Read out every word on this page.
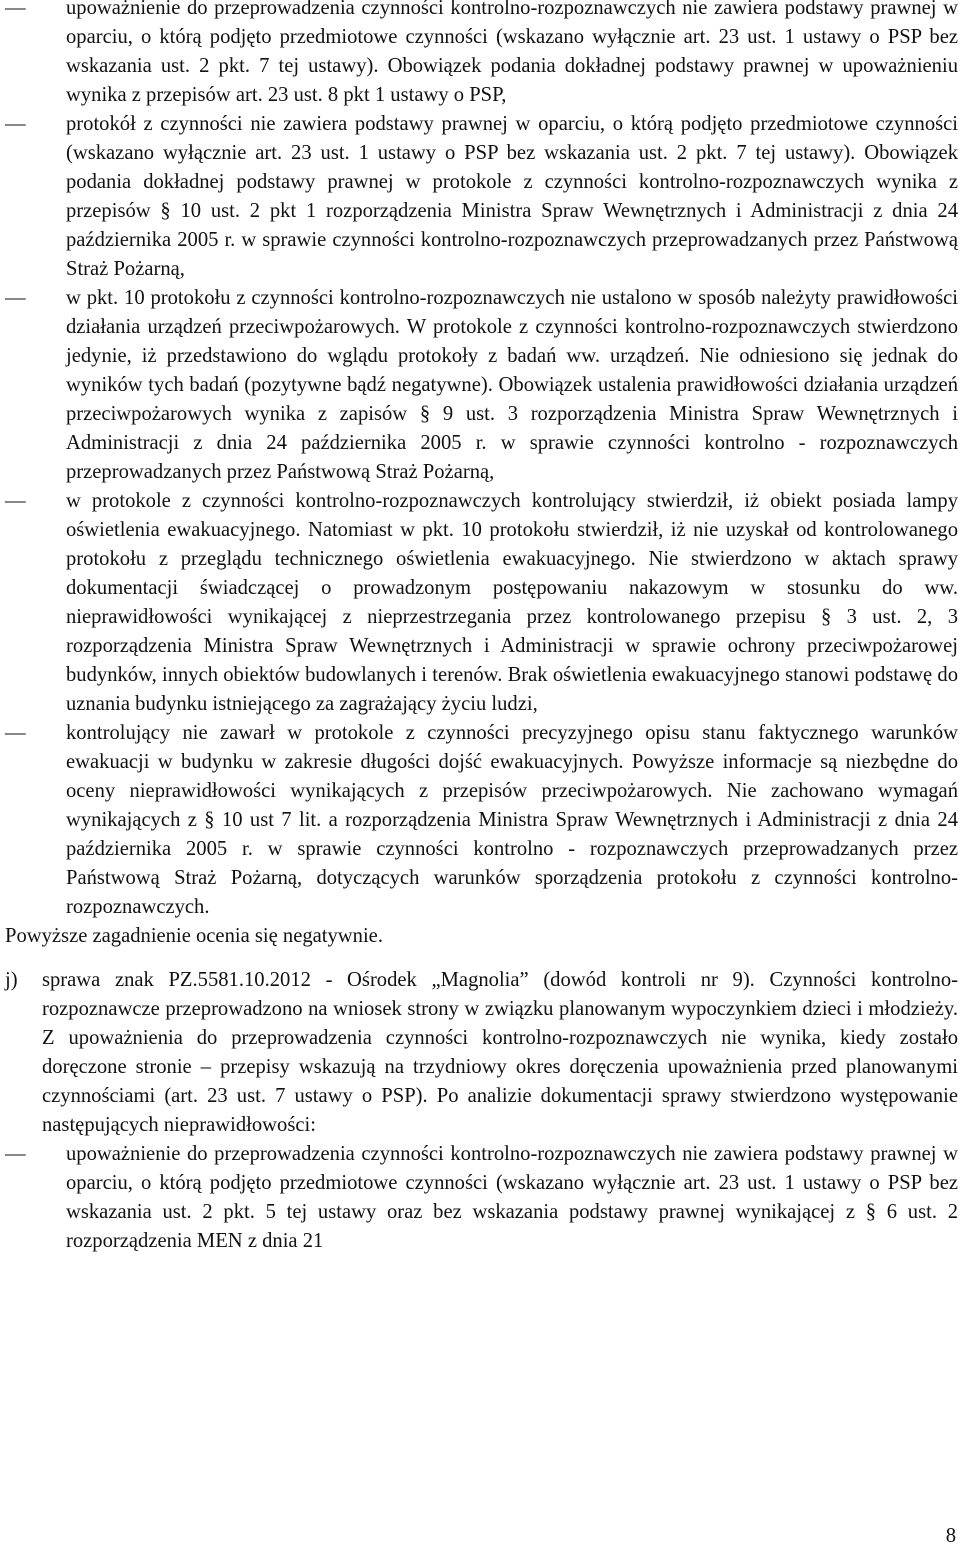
—
upoważnienie do przeprowadzenia czynności kontrolno-rozpoznawczych nie zawiera podstawy prawnej w oparciu, o którą podjęto przedmiotowe czynności (wskazano wyłącznie art. 23 ust. 1 ustawy o PSP bez wskazania ust. 2 pkt. 7 tej ustawy). Obowiązek podania dokładnej podstawy prawnej w upoważnieniu wynika z przepisów art. 23 ust. 8 pkt 1 ustawy o PSP,
—
protokół z czynności nie zawiera podstawy prawnej w oparciu, o którą podjęto przedmiotowe czynności (wskazano wyłącznie art. 23 ust. 1 ustawy o PSP bez wskazania ust. 2 pkt. 7 tej ustawy). Obowiązek podania dokładnej podstawy prawnej w protokole z czynności kontrolno-rozpoznawczych wynika z przepisów § 10 ust. 2 pkt 1 rozporządzenia Ministra Spraw Wewnętrznych i Administracji z dnia 24 października 2005 r. w sprawie czynności kontrolno-rozpoznawczych przeprowadzanych przez Państwową Straż Pożarną,
—
w pkt. 10 protokołu z czynności kontrolno-rozpoznawczych nie ustalono w sposób należyty prawidłowości działania urządzeń przeciwpożarowych. W protokole z czynności kontrolno-rozpoznawczych stwierdzono jedynie, iż przedstawiono do wglądu protokoły z badań ww. urządzeń. Nie odniesiono się jednak do wyników tych badań (pozytywne bądź negatywne). Obowiązek ustalenia prawidłowości działania urządzeń przeciwpożarowych wynika z zapisów § 9 ust. 3 rozporządzenia Ministra Spraw Wewnętrznych i Administracji z dnia 24 października 2005 r. w sprawie czynności kontrolno - rozpoznawczych przeprowadzanych przez Państwową Straż Pożarną,
—
w protokole z czynności kontrolno-rozpoznawczych kontrolujący stwierdził, iż obiekt posiada lampy oświetlenia ewakuacyjnego. Natomiast w pkt. 10 protokołu stwierdził, iż nie uzyskał od kontrolowanego protokołu z przeglądu technicznego oświetlenia ewakuacyjnego. Nie stwierdzono w aktach sprawy dokumentacji świadczącej o prowadzonym postępowaniu nakazowym w stosunku do ww. nieprawidłowości wynikającej z nieprzestrzegania przez kontrolowanego przepisu § 3 ust. 2, 3 rozporządzenia Ministra Spraw Wewnętrznych i Administracji w sprawie ochrony przeciwpożarowej budynków, innych obiektów budowlanych i terenów. Brak oświetlenia ewakuacyjnego stanowi podstawę do uznania budynku istniejącego za zagrażający życiu ludzi,
—
kontrolujący nie zawarł w protokole z czynności precyzyjnego opisu stanu faktycznego warunków ewakuacji w budynku w zakresie długości dojść ewakuacyjnych. Powyższe informacje są niezbędne do oceny nieprawidłowości wynikających z przepisów przeciwpożarowych. Nie zachowano wymagań wynikających z § 10 ust 7 lit. a rozporządzenia Ministra Spraw Wewnętrznych i Administracji z dnia 24 października 2005 r. w sprawie czynności kontrolno - rozpoznawczych przeprowadzanych przez Państwową Straż Pożarną, dotyczących warunków sporządzenia protokołu z czynności kontrolno-rozpoznawczych.

Powyższe zagadnienie ocenia się negatywnie.

j) sprawa znak PZ.5581.10.2012 - Ośrodek „Magnolia” (dowód kontroli nr 9). Czynności kontrolno-rozpoznawcze przeprowadzono na wniosek strony w związku planowanym wypoczynkiem dzieci i młodzieży. Z upoważnienia do przeprowadzenia czynności kontrolno-rozpoznawczych nie wynika, kiedy zostało doręczone stronie – przepisy wskazują na trzydniowy okres doręczenia upoważnienia przed planowanymi czynnościami (art. 23 ust. 7 ustawy o PSP). Po analizie dokumentacji sprawy stwierdzono występowanie następujących nieprawidłowości:
—
upoważnienie do przeprowadzenia czynności kontrolno-rozpoznawczych nie zawiera podstawy prawnej w oparciu, o którą podjęto przedmiotowe czynności (wskazano wyłącznie art. 23 ust. 1 ustawy o PSP bez wskazania ust. 2 pkt. 5 tej ustawy oraz bez wskazania podstawy prawnej wynikającej z § 6 ust. 2 rozporządzenia MEN z dnia 21
8
